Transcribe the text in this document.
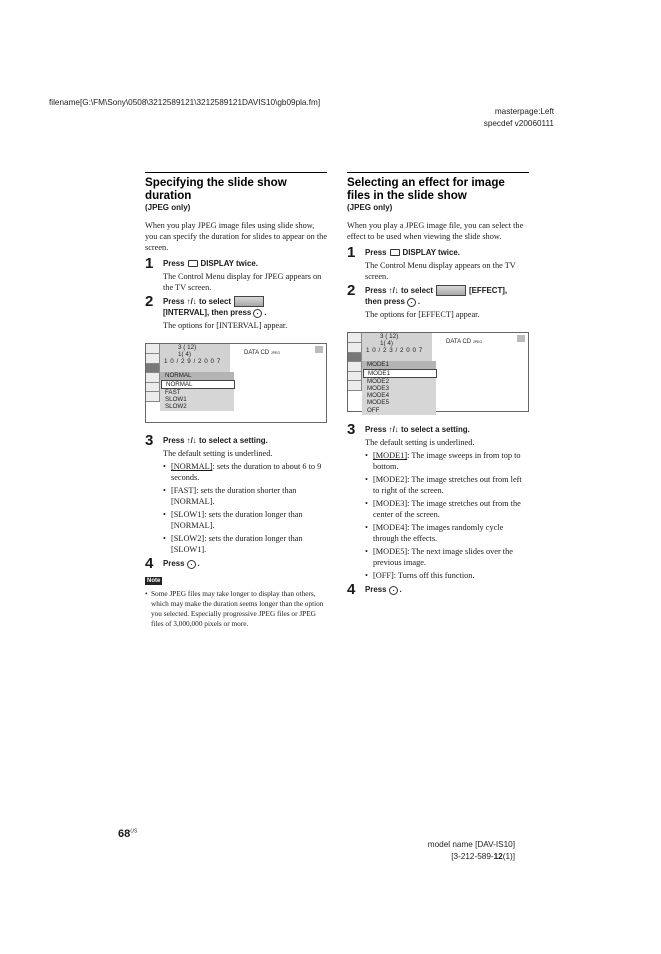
filename[G:\FM\Sony\0508\3212589121\3212589121DAVIS10\gb09pla.fm]
masterpage:Left
specdef v20060111
Specifying the slide show duration
(JPEG only)
When you play JPEG image files using slide show, you can specify the duration for slides to appear on the screen.
1 Press DISPLAY twice.
The Control Menu display for JPEG appears on the TV screen.
2 Press ↑/↓ to select
[INTERVAL], then press .
The options for [INTERVAL] appear.
3 ( 12)
1( 4)
1 0 / 2 9 / 2 0 0 7
DATA CD JPEG
NORMAL
NORMAL
FAST
SLOW1
SLOW2
3 Press ↑/↓ to select a setting.
The default setting is underlined.
• [NORMAL]: sets the duration to about 6 to 9 seconds.
• [FAST]: sets the duration shorter than [NORMAL].
• [SLOW1]: sets the duration longer than [NORMAL].
• [SLOW2]: sets the duration longer than [SLOW1].
4 Press .
Note
• Some JPEG files may take longer to display than others, which may make the duration seems longer than the option you selected. Especially progressive JPEG files or JPEG files of 3,000,000 pixels or more.
Selecting an effect for image files in the slide show
(JPEG only)
When you play a JPEG image file, you can select the effect to be used when viewing the slide show.
1 Press DISPLAY twice.
The Control Menu display appears on the TV screen.
2 Press ↑/↓ to select	[EFFECT],
then press .
The options for [EFFECT] appear.
3 ( 12)
1( 4)
1 0 / 2 3 / 2 0 0 7
DATA CD JPEG
MODE1
MODE1
MODE2
MODE3
MODE4
MODE5
OFF
3 Press ↑/↓ to select a setting.
The default setting is underlined.
• [MODE1]: The image sweeps in from top to bottom.
• [MODE2]: The image stretches out from left to right of the screen.
• [MODE3]: The image stretches out from the center of the screen.
• [MODE4]: The images randomly cycle through the effects.
• [MODE5]: The next image slides over the previous image.
• [OFF]: Turns off this function.
4 Press .
$68^{US}$
model name [DAV-IS10]
[3-212-589-12(1)]
